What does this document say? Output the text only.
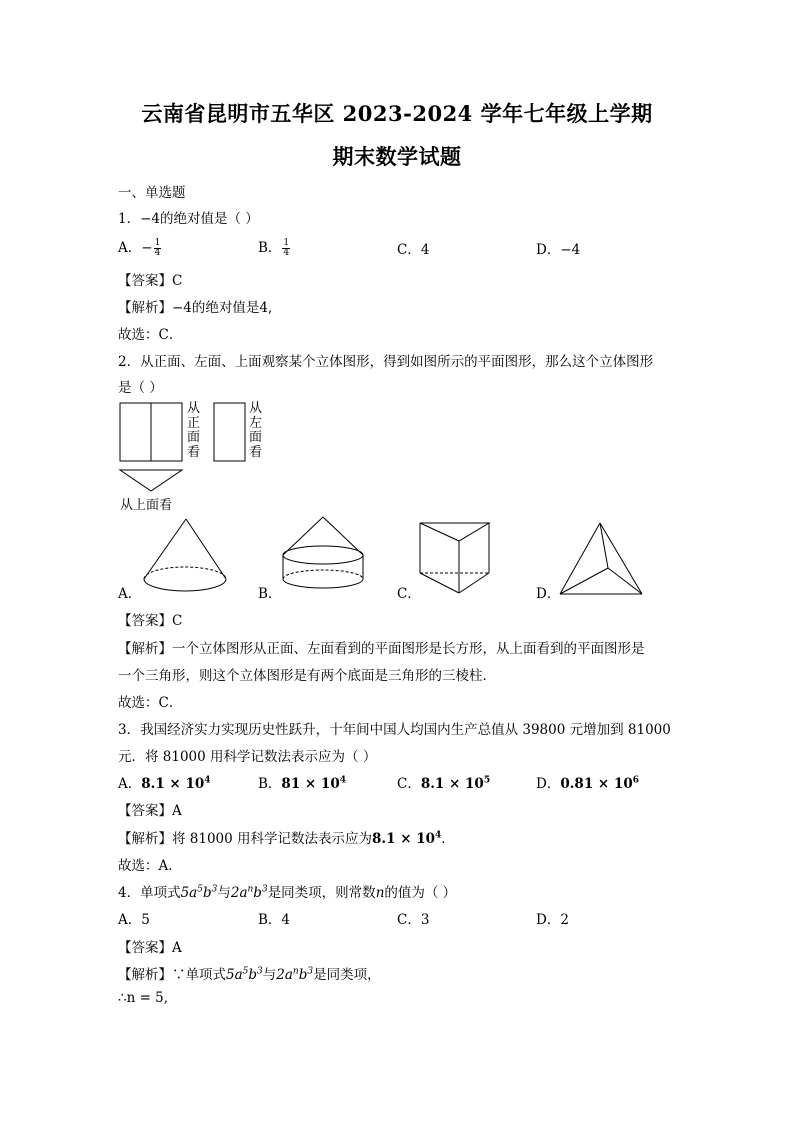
云南省昆明市五华区 2023-2024 学年七年级上学期
期末数学试题
一、单选题
1．−4的绝对值是（ ）
A．− $\frac{1}{4}$	B． $\frac{1}{4}$	C．4	D．−4
【答案】C
【解析】−4的绝对值是4,
故选：C．
2．从正面、左面、上面观察某个立体图形，得到如图所示的平面图形，那么这个立体图形
是（ ）
从
正
面
看
从
左
面
看
从上面看
A．	B．	C．	D．
【答案】C
【解析】一个立体图形从正面、左面看到的平面图形是长方形，从上面看到的平面图形是
一个三角形，则这个立体图形是有两个底面是三角形的三棱柱．
故选：C．
3．我国经济实力实现历史性跃升，十年间中国人均国内生产总值从 39800 元增加到 81000
元．将 81000 用科学记数法表示应为（ ）
A．$8.1 \times 10^4$	B．$81 \times 10^4$	C．$8.1 \times 10^5$	D．$0.81 \times 10^6$
【答案】A
【解析】将 81000 用科学记数法表示应为$8.1 \times 10^4$．
故选：A．
4．单项式$5a^5b^3$与$2a^nb^3$是同类项，则常数n的值为（ ）
A．5	B．4	C．3	D．2
【答案】A
【解析】∵单项式$5a^5b^3$与$2a^nb^3$是同类项，
∴n = 5,
